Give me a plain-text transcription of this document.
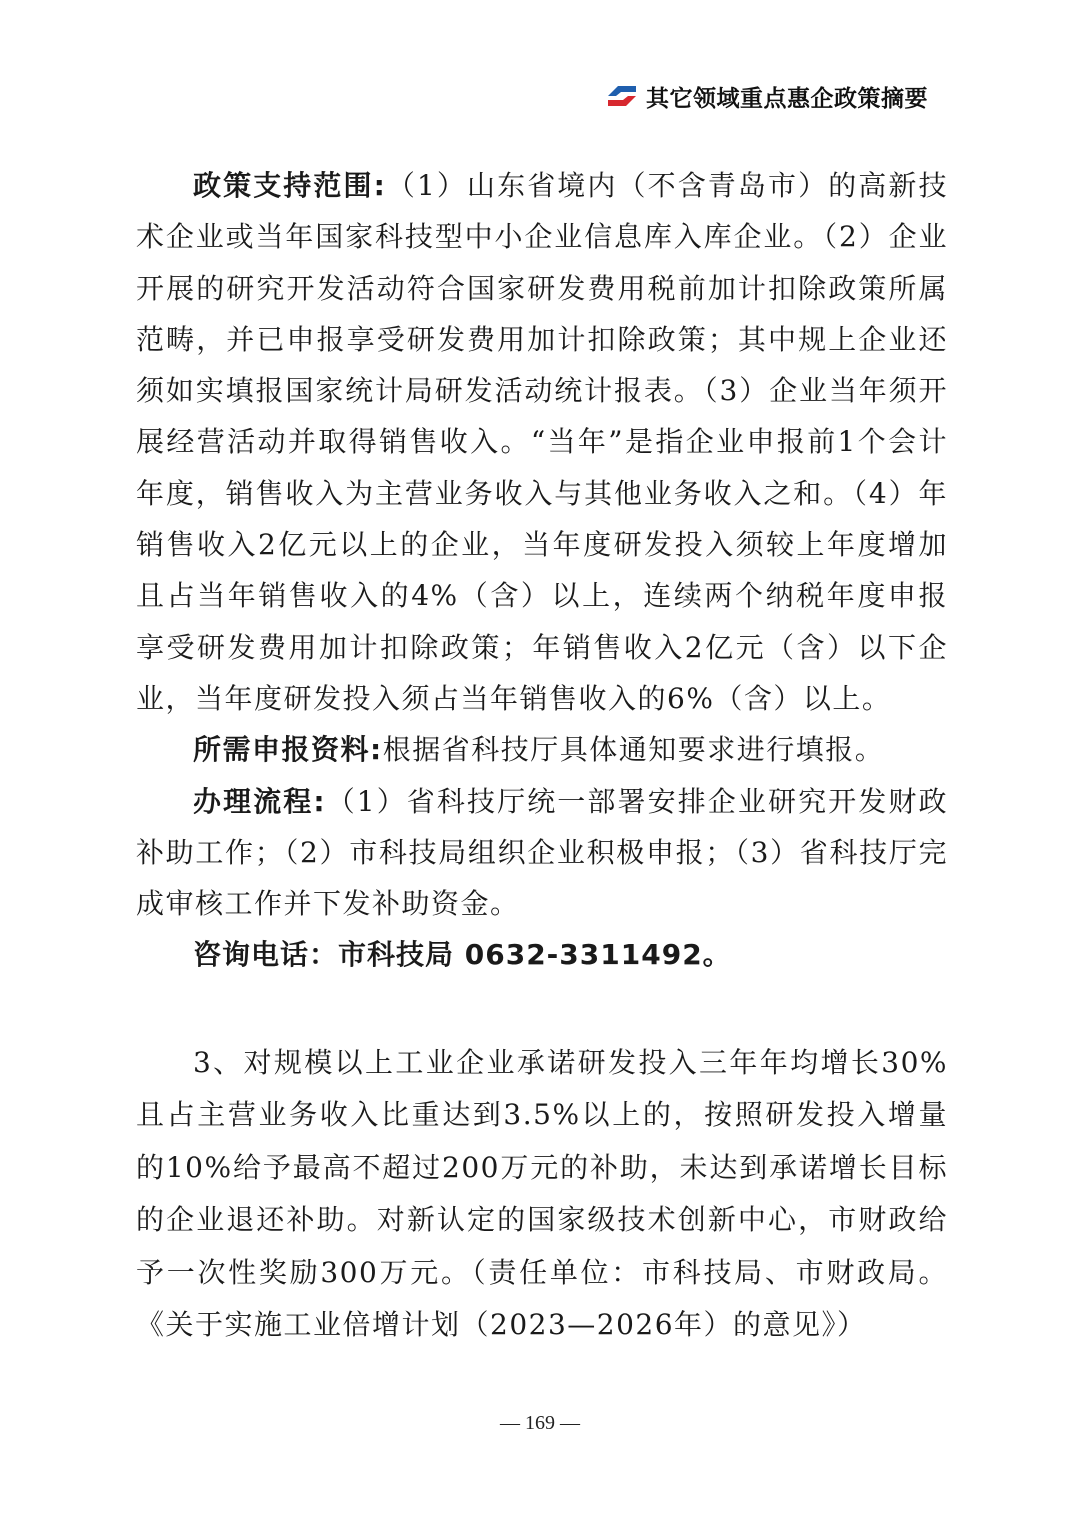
其它领域重点惠企政策摘要

政策支持范围:（1）山东省境内（不含青岛市）的高新技术企业或当年国家科技型中小企业信息库入库企业。（2）企业开展的研究开发活动符合国家研发费用税前加计扣除政策所属范畴，并已申报享受研发费用加计扣除政策；其中规上企业还须如实填报国家统计局研发活动统计报表。（3）企业当年须开展经营活动并取得销售收入。“当年”是指企业申报前1个会计年度，销售收入为主营业务收入与其他业务收入之和。（4）年销售收入2亿元以上的企业，当年度研发投入须较上年度增加且占当年销售收入的4%（含）以上，连续两个纳税年度申报享受研发费用加计扣除政策；年销售收入2亿元（含）以下企业，当年度研发投入须占当年销售收入的6%（含）以上。

所需申报资料:根据省科技厅具体通知要求进行填报。

办理流程:（1）省科技厅统一部署安排企业研究开发财政补助工作；（2）市科技局组织企业积极申报；（3）省科技厅完成审核工作并下发补助资金。

咨询电话：市科技局 0632-3311492。

3、对规模以上工业企业承诺研发投入三年年均增长30%且占主营业务收入比重达到3.5%以上的，按照研发投入增量的10%给予最高不超过200万元的补助，未达到承诺增长目标的企业退还补助。对新认定的国家级技术创新中心，市财政给予一次性奖励300万元。（责任单位：市科技局、市财政局。《关于实施工业倍增计划（2023—2026年）的意见》）

— 169 —
